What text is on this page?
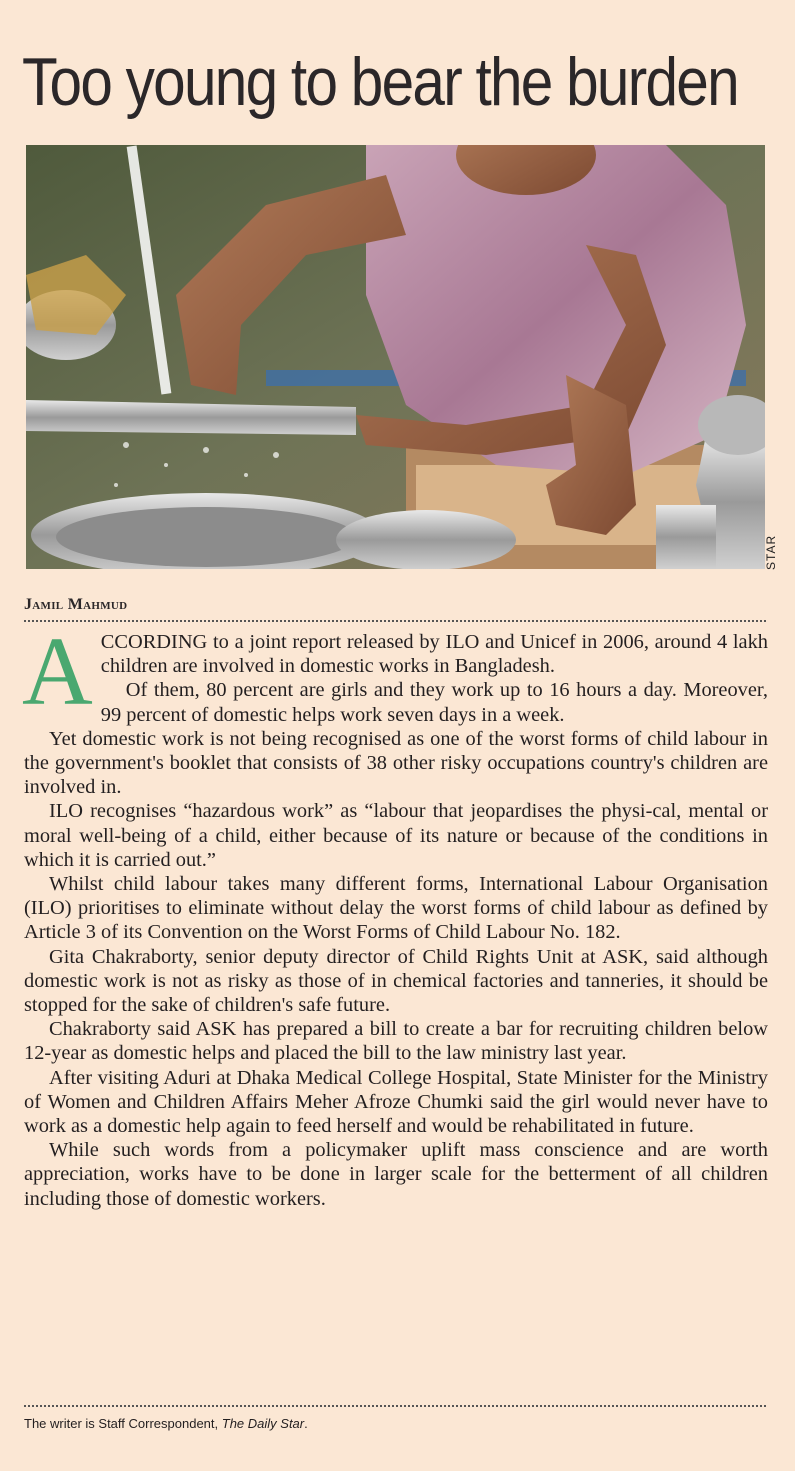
Too young to bear the burden
STAR
Jamil Mahmud

ACCORDING to a joint report released by ILO and Unicef in 2006, around 4 lakh children are involved in domestic works in Bangladesh.

Of them, 80 percent are girls and they work up to 16 hours a day. Moreover, 99 percent of domestic helps work seven days in a week.

Yet domestic work is not being recognised as one of the worst forms of child labour in the government's booklet that consists of 38 other risky occupations country's children are involved in.

ILO recognises “hazardous work” as “labour that jeopardises the physi-cal, mental or moral well-being of a child, either because of its nature or because of the conditions in which it is carried out.”

Whilst child labour takes many different forms, International Labour Organisation (ILO) prioritises to eliminate without delay the worst forms of child labour as defined by Article 3 of its Convention on the Worst Forms of Child Labour No. 182.

Gita Chakraborty, senior deputy director of Child Rights Unit at ASK, said although domestic work is not as risky as those of in chemical factories and tanneries, it should be stopped for the sake of children's safe future.

Chakraborty said ASK has prepared a bill to create a bar for recruiting children below 12-year as domestic helps and placed the bill to the law ministry last year.

After visiting Aduri at Dhaka Medical College Hospital, State Minister for the Ministry of Women and Children Affairs Meher Afroze Chumki said the girl would never have to work as a domestic help again to feed herself and would be rehabilitated in future.

While such words from a policymaker uplift mass conscience and are worth appreciation, works have to be done in larger scale for the betterment of all children including those of domestic workers.

The writer is Staff Correspondent, The Daily Star.
